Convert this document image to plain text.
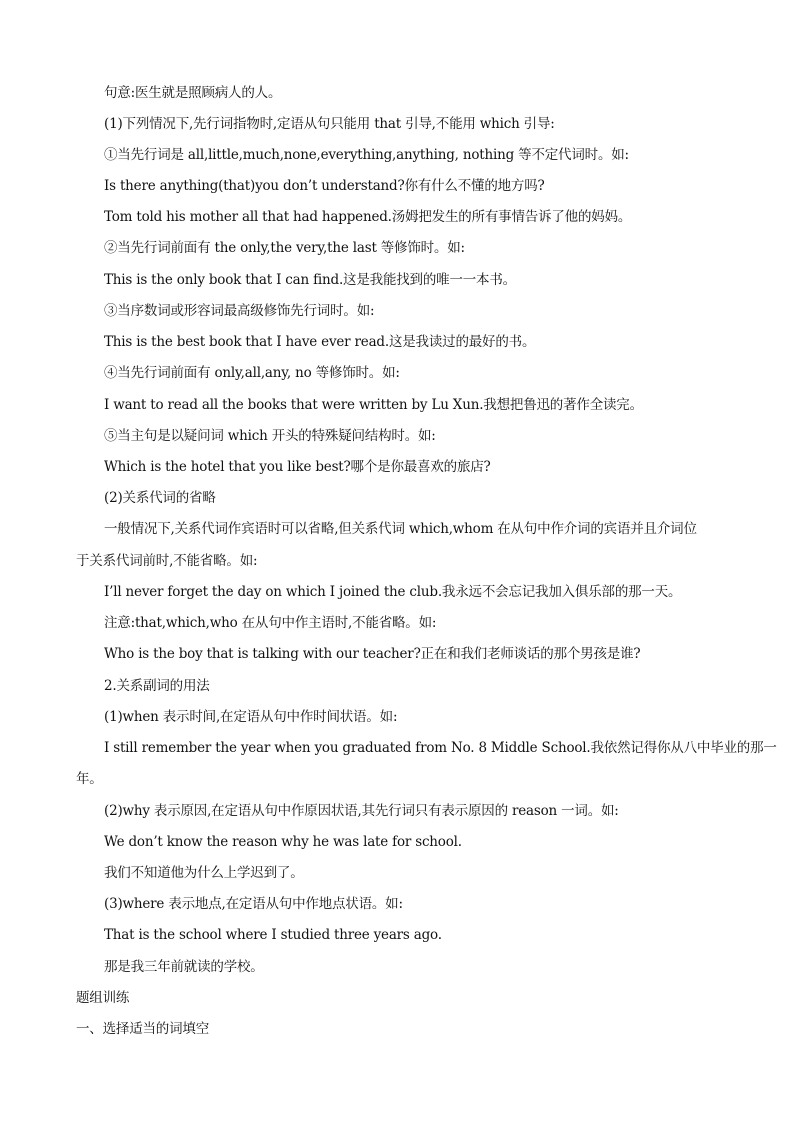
句意:医生就是照顾病人的人。
(1)下列情况下,先行词指物时,定语从句只能用 that 引导,不能用 which 引导:
①当先行词是 all,little,much,none,everything,anything, nothing 等不定代词时。如:
Is there anything(that)you don’t understand?你有什么不懂的地方吗?
Tom told his mother all that had happened.汤姆把发生的所有事情告诉了他的妈妈。
②当先行词前面有 the only,the very,the last 等修饰时。如:
This is the only book that I can find.这是我能找到的唯一一本书。
③当序数词或形容词最高级修饰先行词时。如:
This is the best book that I have ever read.这是我读过的最好的书。
④当先行词前面有 only,all,any, no 等修饰时。如:
I want to read all the books that were written by Lu Xun.我想把鲁迅的著作全读完。
⑤当主句是以疑问词 which 开头的特殊疑问结构时。如:
Which is the hotel that you like best?哪个是你最喜欢的旅店?
(2)关系代词的省略
一般情况下,关系代词作宾语时可以省略,但关系代词 which,whom 在从句中作介词的宾语并且介词位
于关系代词前时,不能省略。如:
I’ll never forget the day on which I joined the club.我永远不会忘记我加入俱乐部的那一天。
注意:that,which,who 在从句中作主语时,不能省略。如:
Who is the boy that is talking with our teacher?正在和我们老师谈话的那个男孩是谁?
2.关系副词的用法
(1)when 表示时间,在定语从句中作时间状语。如:
I still remember the year when you graduated from No. 8 Middle School.我依然记得你从八中毕业的那一
年。
(2)why 表示原因,在定语从句中作原因状语,其先行词只有表示原因的 reason 一词。如:
We don’t know the reason why he was late for school.
我们不知道他为什么上学迟到了。
(3)where 表示地点,在定语从句中作地点状语。如:
That is the school where I studied three years ago.
那是我三年前就读的学校。
题组训练
一、选择适当的词填空
